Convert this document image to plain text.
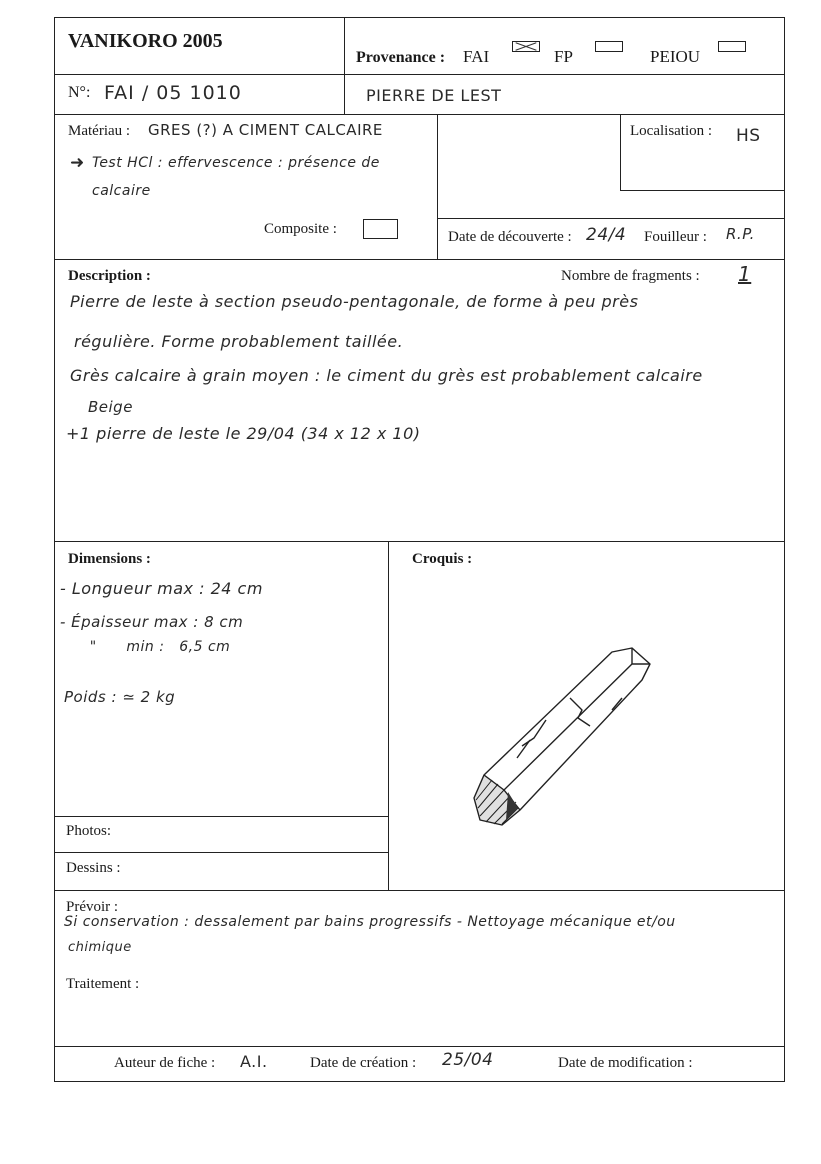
VANIKORO 2005
Provenance : FAI	FP	PEIOU
N°: FAI / 05 1010	PIERRE DE LEST
Matériau : GRES (?) A CIMENT CALCAIRE
➜ Test HCl : effervescence : présence de
calcaire
Composite :
Localisation : HS
Date de découverte : 24/4 Fouilleur : R.P.
Description :	Nombre de fragments : 1
Pierre de leste à section pseudo-pentagonale, de forme à peu près
régulière. Forme probablement taillée.
Grès calcaire à grain moyen : le ciment du grès est probablement calcaire
Beige
+1 pierre de leste le 29/04 (34 x 12 x 10)
Dimensions :
- Longueur max : 24 cm
- Épaisseur max : 8 cm
"      min :   6,5 cm
Poids : ≃ 2 kg
Croquis :
Photos:
Dessins :
Prévoir :
Si conservation : dessalement par bains progressifs - Nettoyage mécanique et/ou
chimique
Traitement :
Auteur de fiche : A.I.	Date de création : 25/04	Date de modification :
